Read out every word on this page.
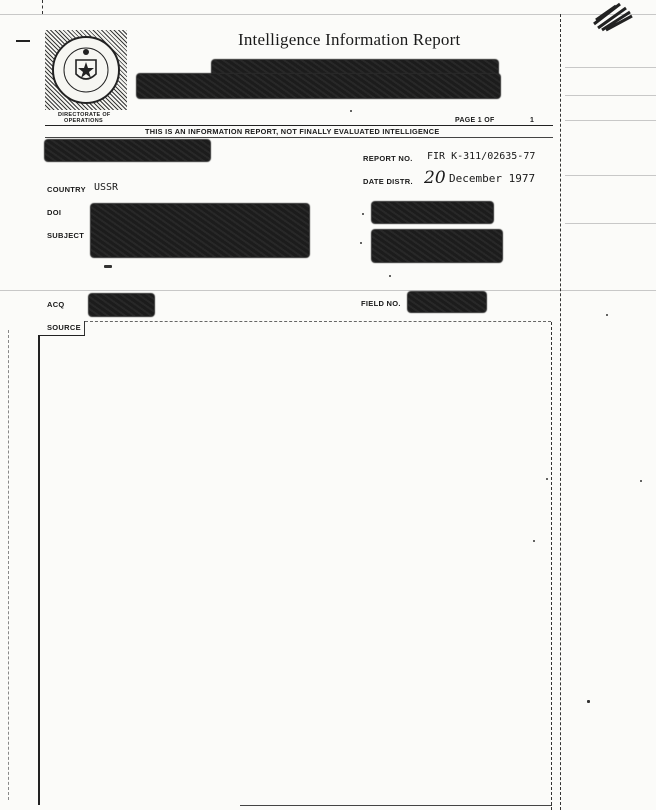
DIRECTORATE OF
OPERATIONS
Intelligence Information Report
PAGE 1 OF	1
THIS IS AN INFORMATION REPORT, NOT FINALLY EVALUATED INTELLIGENCE
REPORT NO. FIR K-311/02635-77
DATE DISTR. 20 December 1977
COUNTRY USSR
DOI
SUBJECT
ACQ	FIELD NO.
SOURCE
